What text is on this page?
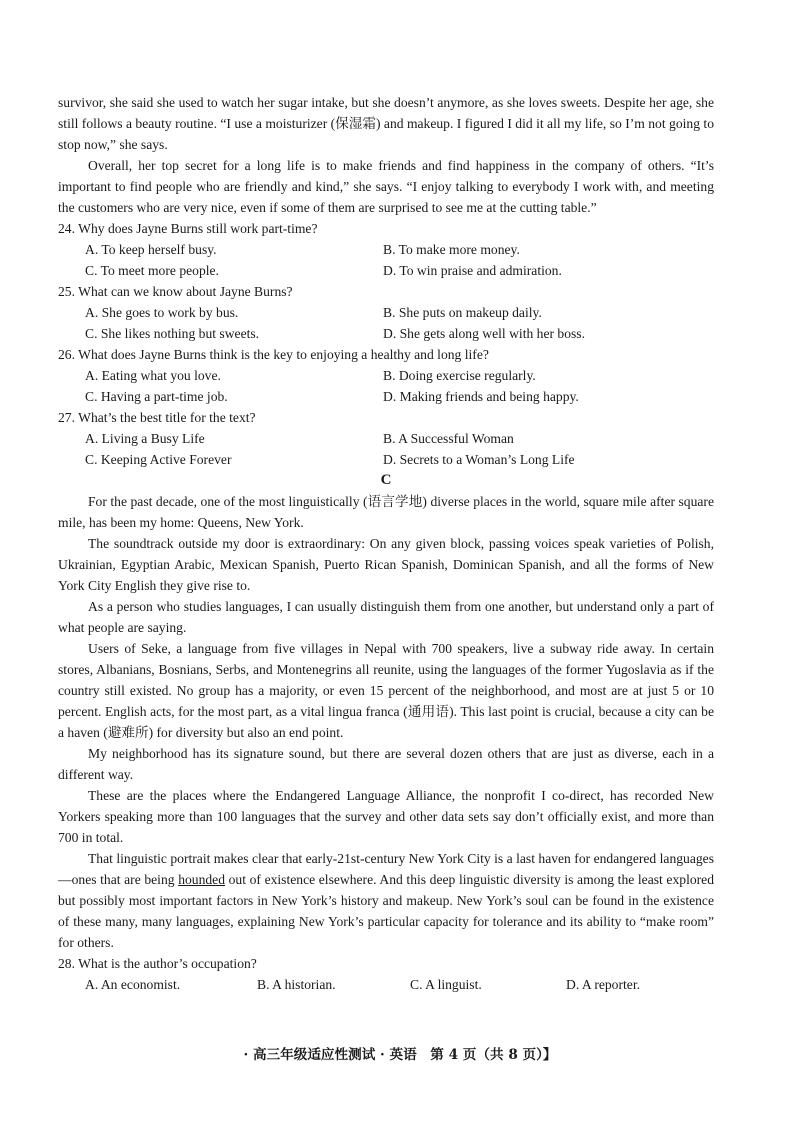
survivor, she said she used to watch her sugar intake, but she doesn’t anymore, as she loves sweets. Despite her age, she still follows a beauty routine. “I use a moisturizer (保湿霜) and makeup. I figured I did it all my life, so I’m not going to stop now,” she says.

Overall, her top secret for a long life is to make friends and find happiness in the company of others. “It’s important to find people who are friendly and kind,” she says. “I enjoy talking to everybody I work with, and meeting the customers who are very nice, even if some of them are surprised to see me at the cutting table.”

24. Why does Jayne Burns still work part-time?

A. To keep herself busy.	B. To make more money.
C. To meet more people.	D. To win praise and admiration.

25. What can we know about Jayne Burns?

A. She goes to work by bus.	B. She puts on makeup daily.
C. She likes nothing but sweets.	D. She gets along well with her boss.

26. What does Jayne Burns think is the key to enjoying a healthy and long life?

A. Eating what you love.	B. Doing exercise regularly.
C. Having a part-time job.	D. Making friends and being happy.

27. What’s the best title for the text?

A. Living a Busy Life	B. A Successful Woman
C. Keeping Active Forever	D. Secrets to a Woman’s Long Life

C

For the past decade, one of the most linguistically (语言学地) diverse places in the world, square mile after square mile, has been my home: Queens, New York.

The soundtrack outside my door is extraordinary: On any given block, passing voices speak varieties of Polish, Ukrainian, Egyptian Arabic, Mexican Spanish, Puerto Rican Spanish, Dominican Spanish, and all the forms of New York City English they give rise to.

As a person who studies languages, I can usually distinguish them from one another, but understand only a part of what people are saying.

Users of Seke, a language from five villages in Nepal with 700 speakers, live a subway ride away. In certain stores, Albanians, Bosnians, Serbs, and Montenegrins all reunite, using the languages of the former Yugoslavia as if the country still existed. No group has a majority, or even 15 percent of the neighborhood, and most are at just 5 or 10 percent. English acts, for the most part, as a vital lingua franca (通用语). This last point is crucial, because a city can be a haven (避难所) for diversity but also an end point.

My neighborhood has its signature sound, but there are several dozen others that are just as diverse, each in a different way.

These are the places where the Endangered Language Alliance, the nonprofit I co-direct, has recorded New Yorkers speaking more than 100 languages that the survey and other data sets say don’t officially exist, and more than 700 in total.

That linguistic portrait makes clear that early-21st-century New York City is a last haven for endangered languages—ones that are being hounded out of existence elsewhere. And this deep linguistic diversity is among the least explored but possibly most important factors in New York’s history and makeup. New York’s soul can be found in the existence of these many, many languages, explaining New York’s particular capacity for tolerance and its ability to “make room” for others.

28. What is the author’s occupation?

A. An economist.	B. A historian.	C. A linguist.	D. A reporter.
· 高三年级适应性测试 · 英语　第 4 页（共 8 页）】
